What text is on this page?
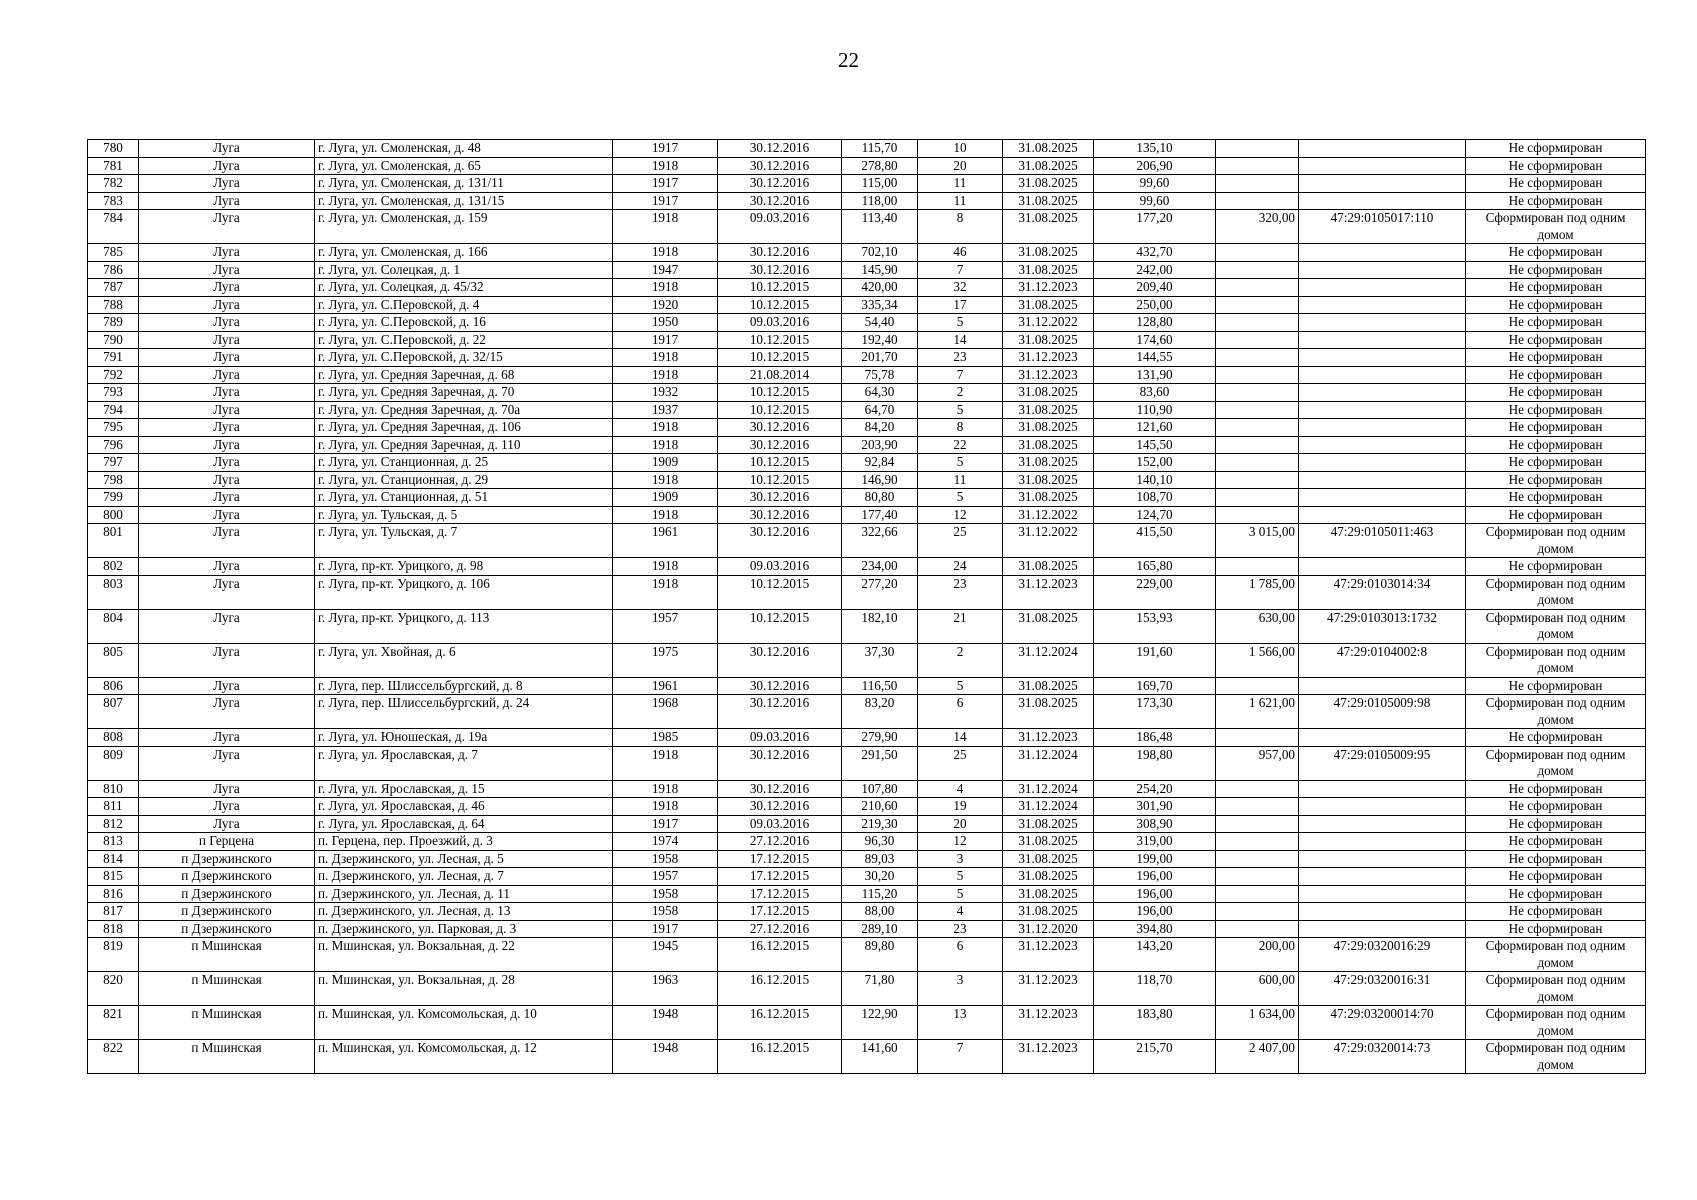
22
780	Луга	г. Луга, ул. Смоленская, д. 48	1917	30.12.2016	115,70	10	31.08.2025	135,10			Не сформирован
781	Луга	г. Луга, ул. Смоленская, д. 65	1918	30.12.2016	278,80	20	31.08.2025	206,90			Не сформирован
782	Луга	г. Луга, ул. Смоленская, д. 131/11	1917	30.12.2016	115,00	11	31.08.2025	99,60			Не сформирован
783	Луга	г. Луга, ул. Смоленская, д. 131/15	1917	30.12.2016	118,00	11	31.08.2025	99,60			Не сформирован
784	Луга	г. Луга, ул. Смоленская, д. 159	1918	09.03.2016	113,40	8	31.08.2025	177,20	320,00	47:29:0105017:110	Сформирован под одним домом
785	Луга	г. Луга, ул. Смоленская, д. 166	1918	30.12.2016	702,10	46	31.08.2025	432,70			Не сформирован
786	Луга	г. Луга, ул. Солецкая, д. 1	1947	30.12.2016	145,90	7	31.08.2025	242,00			Не сформирован
787	Луга	г. Луга, ул. Солецкая, д. 45/32	1918	10.12.2015	420,00	32	31.12.2023	209,40			Не сформирован
788	Луга	г. Луга, ул. С.Перовской, д. 4	1920	10.12.2015	335,34	17	31.08.2025	250,00			Не сформирован
789	Луга	г. Луга, ул. С.Перовской, д. 16	1950	09.03.2016	54,40	5	31.12.2022	128,80			Не сформирован
790	Луга	г. Луга, ул. С.Перовской, д. 22	1917	10.12.2015	192,40	14	31.08.2025	174,60			Не сформирован
791	Луга	г. Луга, ул. С.Перовской, д. 32/15	1918	10.12.2015	201,70	23	31.12.2023	144,55			Не сформирован
792	Луга	г. Луга, ул. Средняя Заречная, д. 68	1918	21.08.2014	75,78	7	31.12.2023	131,90			Не сформирован
793	Луга	г. Луга, ул. Средняя Заречная, д. 70	1932	10.12.2015	64,30	2	31.08.2025	83,60			Не сформирован
794	Луга	г. Луга, ул. Средняя Заречная, д. 70а	1937	10.12.2015	64,70	5	31.08.2025	110,90			Не сформирован
795	Луга	г. Луга, ул. Средняя Заречная, д. 106	1918	30.12.2016	84,20	8	31.08.2025	121,60			Не сформирован
796	Луга	г. Луга, ул. Средняя Заречная, д. 110	1918	30.12.2016	203,90	22	31.08.2025	145,50			Не сформирован
797	Луга	г. Луга, ул. Станционная, д. 25	1909	10.12.2015	92,84	5	31.08.2025	152,00			Не сформирован
798	Луга	г. Луга, ул. Станционная, д. 29	1918	10.12.2015	146,90	11	31.08.2025	140,10			Не сформирован
799	Луга	г. Луга, ул. Станционная, д. 51	1909	30.12.2016	80,80	5	31.08.2025	108,70			Не сформирован
800	Луга	г. Луга, ул. Тульская, д. 5	1918	30.12.2016	177,40	12	31.12.2022	124,70			Не сформирован
801	Луга	г. Луга, ул. Тульская, д. 7	1961	30.12.2016	322,66	25	31.12.2022	415,50	3 015,00	47:29:0105011:463	Сформирован под одним домом
802	Луга	г. Луга, пр-кт. Урицкого, д. 98	1918	09.03.2016	234,00	24	31.08.2025	165,80			Не сформирован
803	Луга	г. Луга, пр-кт. Урицкого, д. 106	1918	10.12.2015	277,20	23	31.12.2023	229,00	1 785,00	47:29:0103014:34	Сформирован под одним домом
804	Луга	г. Луга, пр-кт. Урицкого, д. 113	1957	10.12.2015	182,10	21	31.08.2025	153,93	630,00	47:29:0103013:1732	Сформирован под одним домом
805	Луга	г. Луга, ул. Хвойная, д. 6	1975	30.12.2016	37,30	2	31.12.2024	191,60	1 566,00	47:29:0104002:8	Сформирован под одним домом
806	Луга	г. Луга, пер. Шлиссельбургский, д. 8	1961	30.12.2016	116,50	5	31.08.2025	169,70			Не сформирован
807	Луга	г. Луга, пер. Шлиссельбургский, д. 24	1968	30.12.2016	83,20	6	31.08.2025	173,30	1 621,00	47:29:0105009:98	Сформирован под одним домом
808	Луга	г. Луга, ул. Юношеская, д. 19а	1985	09.03.2016	279,90	14	31.12.2023	186,48			Не сформирован
809	Луга	г. Луга, ул. Ярославская, д. 7	1918	30.12.2016	291,50	25	31.12.2024	198,80	957,00	47:29:0105009:95	Сформирован под одним домом
810	Луга	г. Луга, ул. Ярославская, д. 15	1918	30.12.2016	107,80	4	31.12.2024	254,20			Не сформирован
811	Луга	г. Луга, ул. Ярославская, д. 46	1918	30.12.2016	210,60	19	31.12.2024	301,90			Не сформирован
812	Луга	г. Луга, ул. Ярославская, д. 64	1917	09.03.2016	219,30	20	31.08.2025	308,90			Не сформирован
813	п Герцена	п. Герцена, пер. Проезжий, д. 3	1974	27.12.2016	96,30	12	31.08.2025	319,00			Не сформирован
814	п Дзержинского	п. Дзержинского, ул. Лесная, д. 5	1958	17.12.2015	89,03	3	31.08.2025	199,00			Не сформирован
815	п Дзержинского	п. Дзержинского, ул. Лесная, д. 7	1957	17.12.2015	30,20	5	31.08.2025	196,00			Не сформирован
816	п Дзержинского	п. Дзержинского, ул. Лесная, д. 11	1958	17.12.2015	115,20	5	31.08.2025	196,00			Не сформирован
817	п Дзержинского	п. Дзержинского, ул. Лесная, д. 13	1958	17.12.2015	88,00	4	31.08.2025	196,00			Не сформирован
818	п Дзержинского	п. Дзержинского, ул. Парковая, д. 3	1917	27.12.2016	289,10	23	31.12.2020	394,80			Не сформирован
819	п Мшинская	п. Мшинская, ул. Вокзальная, д. 22	1945	16.12.2015	89,80	6	31.12.2023	143,20	200,00	47:29:0320016:29	Сформирован под одним домом
820	п Мшинская	п. Мшинская, ул. Вокзальная, д. 28	1963	16.12.2015	71,80	3	31.12.2023	118,70	600,00	47:29:0320016:31	Сформирован под одним домом
821	п Мшинская	п. Мшинская, ул. Комсомольская, д. 10	1948	16.12.2015	122,90	13	31.12.2023	183,80	1 634,00	47:29:03200014:70	Сформирован под одним домом
822	п Мшинская	п. Мшинская, ул. Комсомольская, д. 12	1948	16.12.2015	141,60	7	31.12.2023	215,70	2 407,00	47:29:0320014:73	Сформирован под одним домом
